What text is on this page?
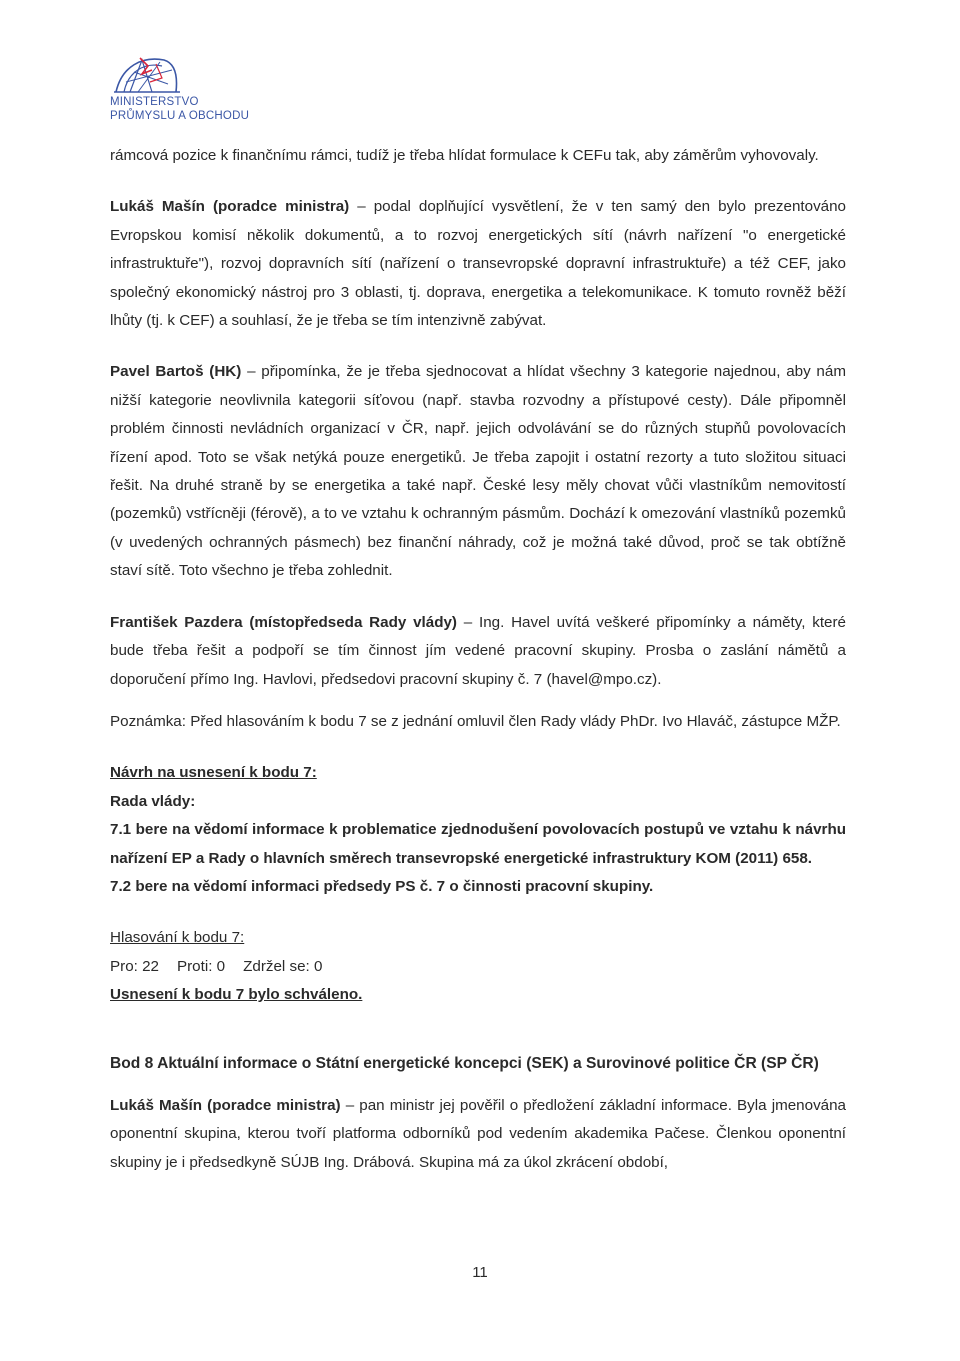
MINISTERSTVO
PRŮMYSLU A OBCHODU

rámcová pozice k finančnímu rámci, tudíž je třeba hlídat formulace k CEFu tak, aby záměrům vyhovovaly.

Lukáš Mašín (poradce ministra) – podal doplňující vysvětlení, že v ten samý den bylo prezentováno Evropskou komisí několik dokumentů, a to rozvoj energetických sítí (návrh nařízení "o energetické infrastruktuře"), rozvoj dopravních sítí (nařízení o transevropské dopravní infrastruktuře) a též CEF, jako společný ekonomický nástroj pro 3 oblasti, tj. doprava, energetika a telekomunikace. K tomuto rovněž běží lhůty (tj. k CEF) a souhlasí, že je třeba se tím intenzivně zabývat.

Pavel Bartoš (HK) – připomínka, že je třeba sjednocovat a hlídat všechny 3 kategorie najednou, aby nám nižší kategorie neovlivnila kategorii síťovou (např. stavba rozvodny a přístupové cesty). Dále připomněl problém činnosti nevládních organizací v ČR, např. jejich odvolávání se do různých stupňů povolovacích řízení apod. Toto se však netýká pouze energetiků. Je třeba zapojit i ostatní rezorty a tuto složitou situaci řešit. Na druhé straně by se energetika a také např. České lesy měly chovat vůči vlastníkům nemovitostí (pozemků) vstřícněji (férově), a to ve vztahu k ochranným pásmům. Dochází k omezování vlastníků pozemků (v uvedených ochranných pásmech) bez finanční náhrady, což je možná také důvod, proč se tak obtížně staví sítě. Toto všechno je třeba zohlednit.

František Pazdera (místopředseda Rady vlády) – Ing. Havel uvítá veškeré připomínky a náměty, které bude třeba řešit a podpoří se tím činnost jím vedené pracovní skupiny. Prosba o zaslání námětů a doporučení přímo Ing. Havlovi, předsedovi pracovní skupiny č. 7 (havel@mpo.cz).

Poznámka: Před hlasováním k bodu 7 se z jednání omluvil člen Rady vlády PhDr. Ivo Hlaváč, zástupce MŽP.

Návrh na usnesení k bodu 7:

Rada vlády:

7.1 bere na vědomí informace k problematice zjednodušení povolovacích postupů ve vztahu k návrhu nařízení EP a Rady o hlavních směrech transevropské energetické infrastruktury KOM (2011) 658.

7.2 bere na vědomí informaci předsedy PS č. 7 o činnosti pracovní skupiny.

Hlasování k bodu 7:

Pro: 22 Proti: 0 Zdržel se: 0

Usnesení k bodu 7 bylo schváleno.

Bod 8 Aktuální informace o Státní energetické koncepci (SEK) a Surovinové politice ČR (SP ČR)

Lukáš Mašín (poradce ministra) – pan ministr jej pověřil o předložení základní informace. Byla jmenována oponentní skupina, kterou tvoří platforma odborníků pod vedením akademika Pačese. Členkou oponentní skupiny je i předsedkyně SÚJB Ing. Drábová. Skupina má za úkol zkrácení období,

11
